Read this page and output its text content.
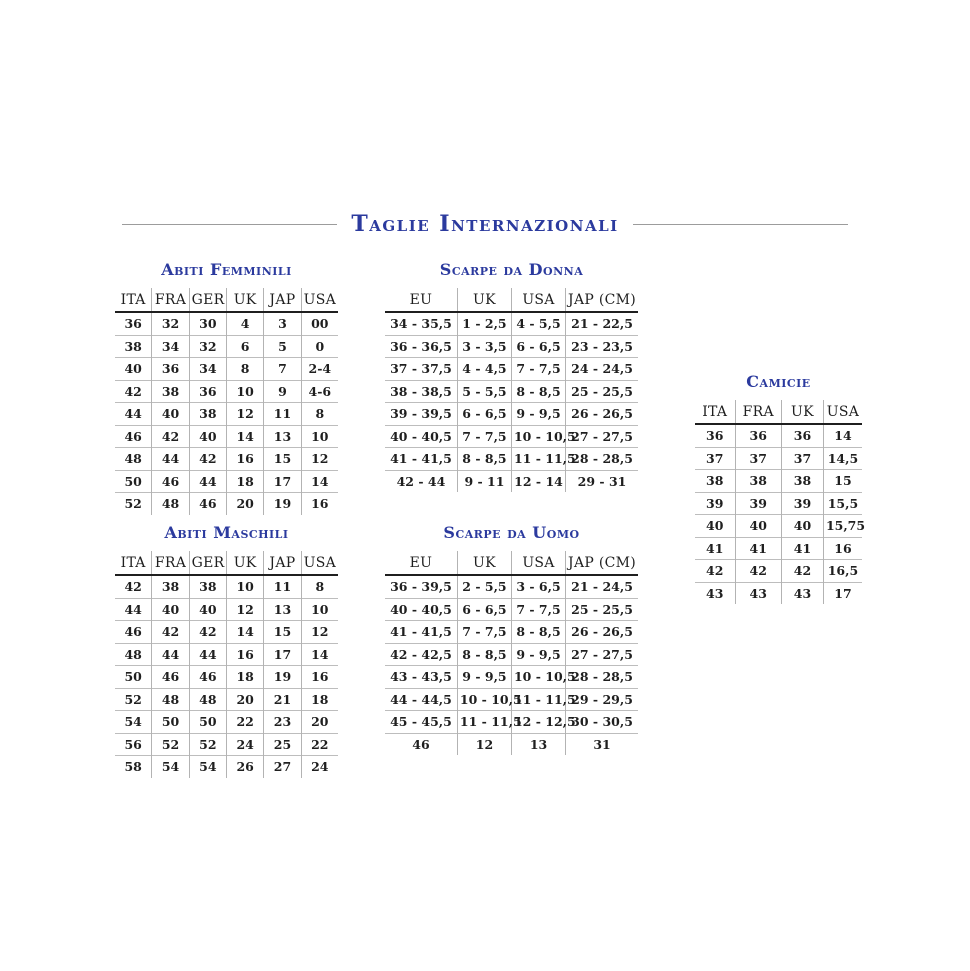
Taglie Internazionali
Abiti Femminili
ITA	FRA	GER	UK	JAP	USA
36	32	30	4	3	00
38	34	32	6	5	0
40	36	34	8	7	2-4
42	38	36	10	9	4-6
44	40	38	12	11	8
46	42	40	14	13	10
48	44	42	16	15	12
50	46	44	18	17	14
52	48	46	20	19	16
Scarpe da Donna
EU	UK	USA	JAP (CM)
34 - 35,5	1 - 2,5	4 - 5,5	21 - 22,5
36 - 36,5	3 - 3,5	6 - 6,5	23 - 23,5
37 - 37,5	4 - 4,5	7 - 7,5	24 - 24,5
38 - 38,5	5 - 5,5	8 - 8,5	25 - 25,5
39 - 39,5	6 - 6,5	9 - 9,5	26 - 26,5
40 - 40,5	7 - 7,5	10 - 10,5	27 - 27,5
41 - 41,5	8 - 8,5	11 - 11,5	28 - 28,5
42 - 44	9 - 11	12 - 14	29 - 31
Camicie
ITA	FRA	UK	USA
36	36	36	14
37	37	37	14,5
38	38	38	15
39	39	39	15,5
40	40	40	15,75
41	41	41	16
42	42	42	16,5
43	43	43	17
Abiti Maschili
ITA	FRA	GER	UK	JAP	USA
42	38	38	10	11	8
44	40	40	12	13	10
46	42	42	14	15	12
48	44	44	16	17	14
50	46	46	18	19	16
52	48	48	20	21	18
54	50	50	22	23	20
56	52	52	24	25	22
58	54	54	26	27	24
Scarpe da Uomo
EU	UK	USA	JAP (CM)
36 - 39,5	2 - 5,5	3 - 6,5	21 - 24,5
40 - 40,5	6 - 6,5	7 - 7,5	25 - 25,5
41 - 41,5	7 - 7,5	8 - 8,5	26 - 26,5
42 - 42,5	8 - 8,5	9 - 9,5	27 - 27,5
43 - 43,5	9 - 9,5	10 - 10,5	28 - 28,5
44 - 44,5	10 - 10,5	11 - 11,5	29 - 29,5
45 - 45,5	11 - 11,5	12 - 12,5	30 - 30,5
46	12	13	31
